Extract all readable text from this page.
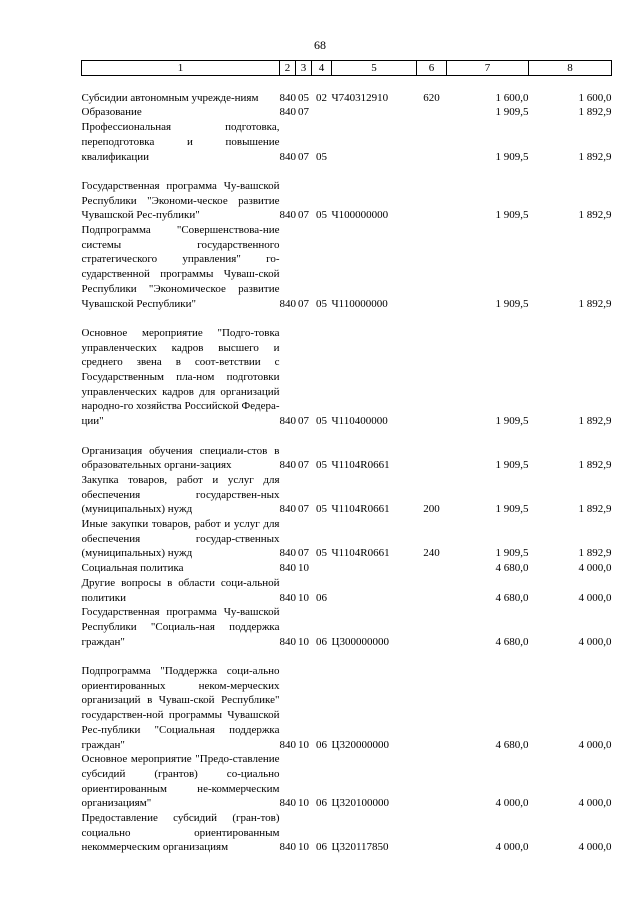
68
1	2	3	4	5	6	7	8
Субсидии автономным учрежде-ниям	840	05	02	Ч740312910	620	1 600,0	1 600,0
Образование	840	07				1 909,5	1 892,9
Профессиональная подготовка, переподготовка и повышение квалификации	840	07	05			1 909,5	1 892,9
Государственная программа Чу-вашской Республики "Экономи-ческое развитие Чувашской Рес-публики"	840	07	05	Ч100000000		1 909,5	1 892,9
Подпрограмма "Совершенствова-ние системы государственного стратегического управления" го-сударственной программы Чуваш-ской Республики "Экономическое развитие Чувашской Республики"	840	07	05	Ч110000000		1 909,5	1 892,9
Основное мероприятие "Подго-товка управленческих кадров высшего и среднего звена в соот-ветствии с Государственным пла-ном подготовки управленческих кадров для организаций народно-го хозяйства Российской Федера-ции"	840	07	05	Ч110400000		1 909,5	1 892,9
Организация обучения специали-стов в образовательных органи-зациях	840	07	05	Ч1104R0661		1 909,5	1 892,9
Закупка товаров, работ и услуг для обеспечения государствен-ных (муниципальных) нужд	840	07	05	Ч1104R0661	200	1 909,5	1 892,9
Иные закупки товаров, работ и услуг для обеспечения государ-ственных (муниципальных) нужд	840	07	05	Ч1104R0661	240	1 909,5	1 892,9
Социальная политика	840	10				4 680,0	4 000,0
Другие вопросы в области соци-альной политики	840	10	06			4 680,0	4 000,0
Государственная программа Чу-вашской Республики "Социаль-ная поддержка граждан"	840	10	06	Ц300000000		4 680,0	4 000,0
Подпрограмма "Поддержка соци-ально ориентированных неком-мерческих организаций в Чуваш-ской Республике" государствен-ной программы Чувашской Рес-публики "Социальная поддержка граждан"	840	10	06	Ц320000000		4 680,0	4 000,0
Основное мероприятие "Предо-ставление субсидий (грантов) со-циально ориентированным не-коммерческим организациям"	840	10	06	Ц320100000		4 000,0	4 000,0
Предоставление субсидий (гран-тов) социально ориентированным некоммерческим организациям	840	10	06	Ц320117850		4 000,0	4 000,0
